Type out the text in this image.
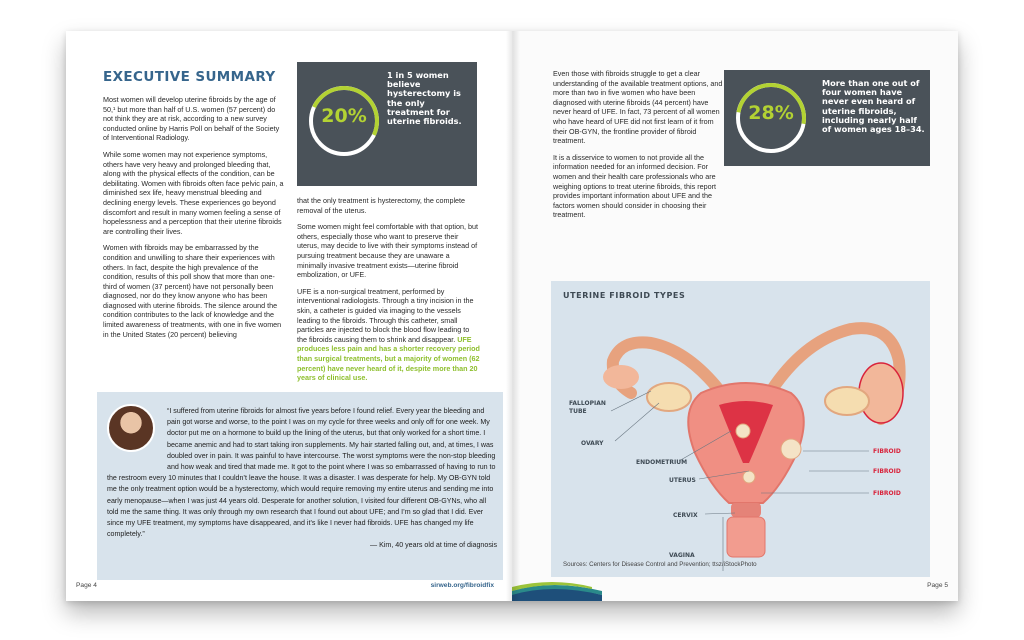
EXECUTIVE SUMMARY

Most women will develop uterine fibroids by the age of 50,¹ but more than half of U.S. women (57 percent) do not think they are at risk, according to a new survey conducted online by Harris Poll on behalf of the Society of Interventional Radiology.

While some women may not experience symptoms, others have very heavy and prolonged bleeding that, along with the physical effects of the condition, can be debilitating. Women with fibroids often face pelvic pain, a diminished sex life, heavy menstrual bleeding and declining energy levels. These experiences go beyond discomfort and result in many women feeling a sense of hopelessness and a perception that their uterine fibroids are controlling their lives.

Women with fibroids may be embarrassed by the condition and unwilling to share their experiences with others. In fact, despite the high prevalence of the condition, results of this poll show that more than one-third of women (37 percent) have not personally been diagnosed, nor do they know anyone who has been diagnosed with uterine fibroids. The silence around the condition contributes to the lack of knowledge and the limited awareness of treatments, with one in five women in the United States (20 percent) believing

20%
1 in 5 women believe hysterectomy is the only treatment for uterine fibroids.

that the only treatment is hysterectomy, the complete removal of the uterus.

Some women might feel comfortable with that option, but others, especially those who want to preserve their uterus, may decide to live with their symptoms instead of pursuing treatment because they are unaware a minimally invasive treatment exists—uterine fibroid embolization, or UFE.

UFE is a non-surgical treatment, performed by interventional radiologists. Through a tiny incision in the skin, a catheter is guided via imaging to the vessels leading to the fibroids. Through this catheter, small particles are injected to block the blood flow leading to the fibroids causing them to shrink and disappear. UFE produces less pain and has a shorter recovery period than surgical treatments, but a majority of women (62 percent) have never heard of it, despite more than 20 years of clinical use.

“I suffered from uterine fibroids for almost five years before I found relief. Every year the bleeding and pain got worse and worse, to the point I was on my cycle for three weeks and only off for one week. My doctor put me on a hormone to build up the lining of the uterus, but that only worked for a short time. I became anemic and had to start taking iron supplements. My hair started falling out, and, at times, I was doubled over in pain. It was painful to have intercourse. The worst symptoms were the non-stop bleeding and how weak and tired that made me. It got to the point where I was so embarrassed of having to run to the restroom every 10 minutes that I couldn’t leave the house. It was a disaster. I was desperate for help. My OB-GYN told me the only treatment option would be a hysterectomy, which would require removing my entire uterus and sending me into early menopause—when I was just 44 years old. Desperate for another solution, I visited four different OB-GYNs, who all told me the same thing. It was only through my own research that I found out about UFE; and I’m so glad that I did. Ever since my UFE treatment, my symptoms have disappeared, and it’s like I never had fibroids. UFE has changed my life completely.”
— Kim, 40 years old at time of diagnosis
Page 4	sirweb.org/fibroidfix

Even those with fibroids struggle to get a clear understanding of the available treatment options, and more than two in five women who have been diagnosed with uterine fibroids (44 percent) have never heard of UFE. In fact, 73 percent of all women who have heard of UFE did not first learn of it from their OB-GYN, the frontline provider of fibroid treatment.

It is a disservice to women to not provide all the information needed for an informed decision. For women and their health care professionals who are weighing options to treat uterine fibroids, this report provides important information about UFE and the factors women should consider in choosing their treatment.

28%
More than one out of four women have never even heard of uterine fibroids, including nearly half of women ages 18–34.
UTERINE FIBROID TYPES
FALLOPIAN
TUBE
OVARY
ENDOMETRIUM
UTERUS
CERVIX
VAGINA
FIBROID
FIBROID
FIBROID
Sources: Centers for Disease Control and Prevention; ttsz/iStockPhoto
Page 5
